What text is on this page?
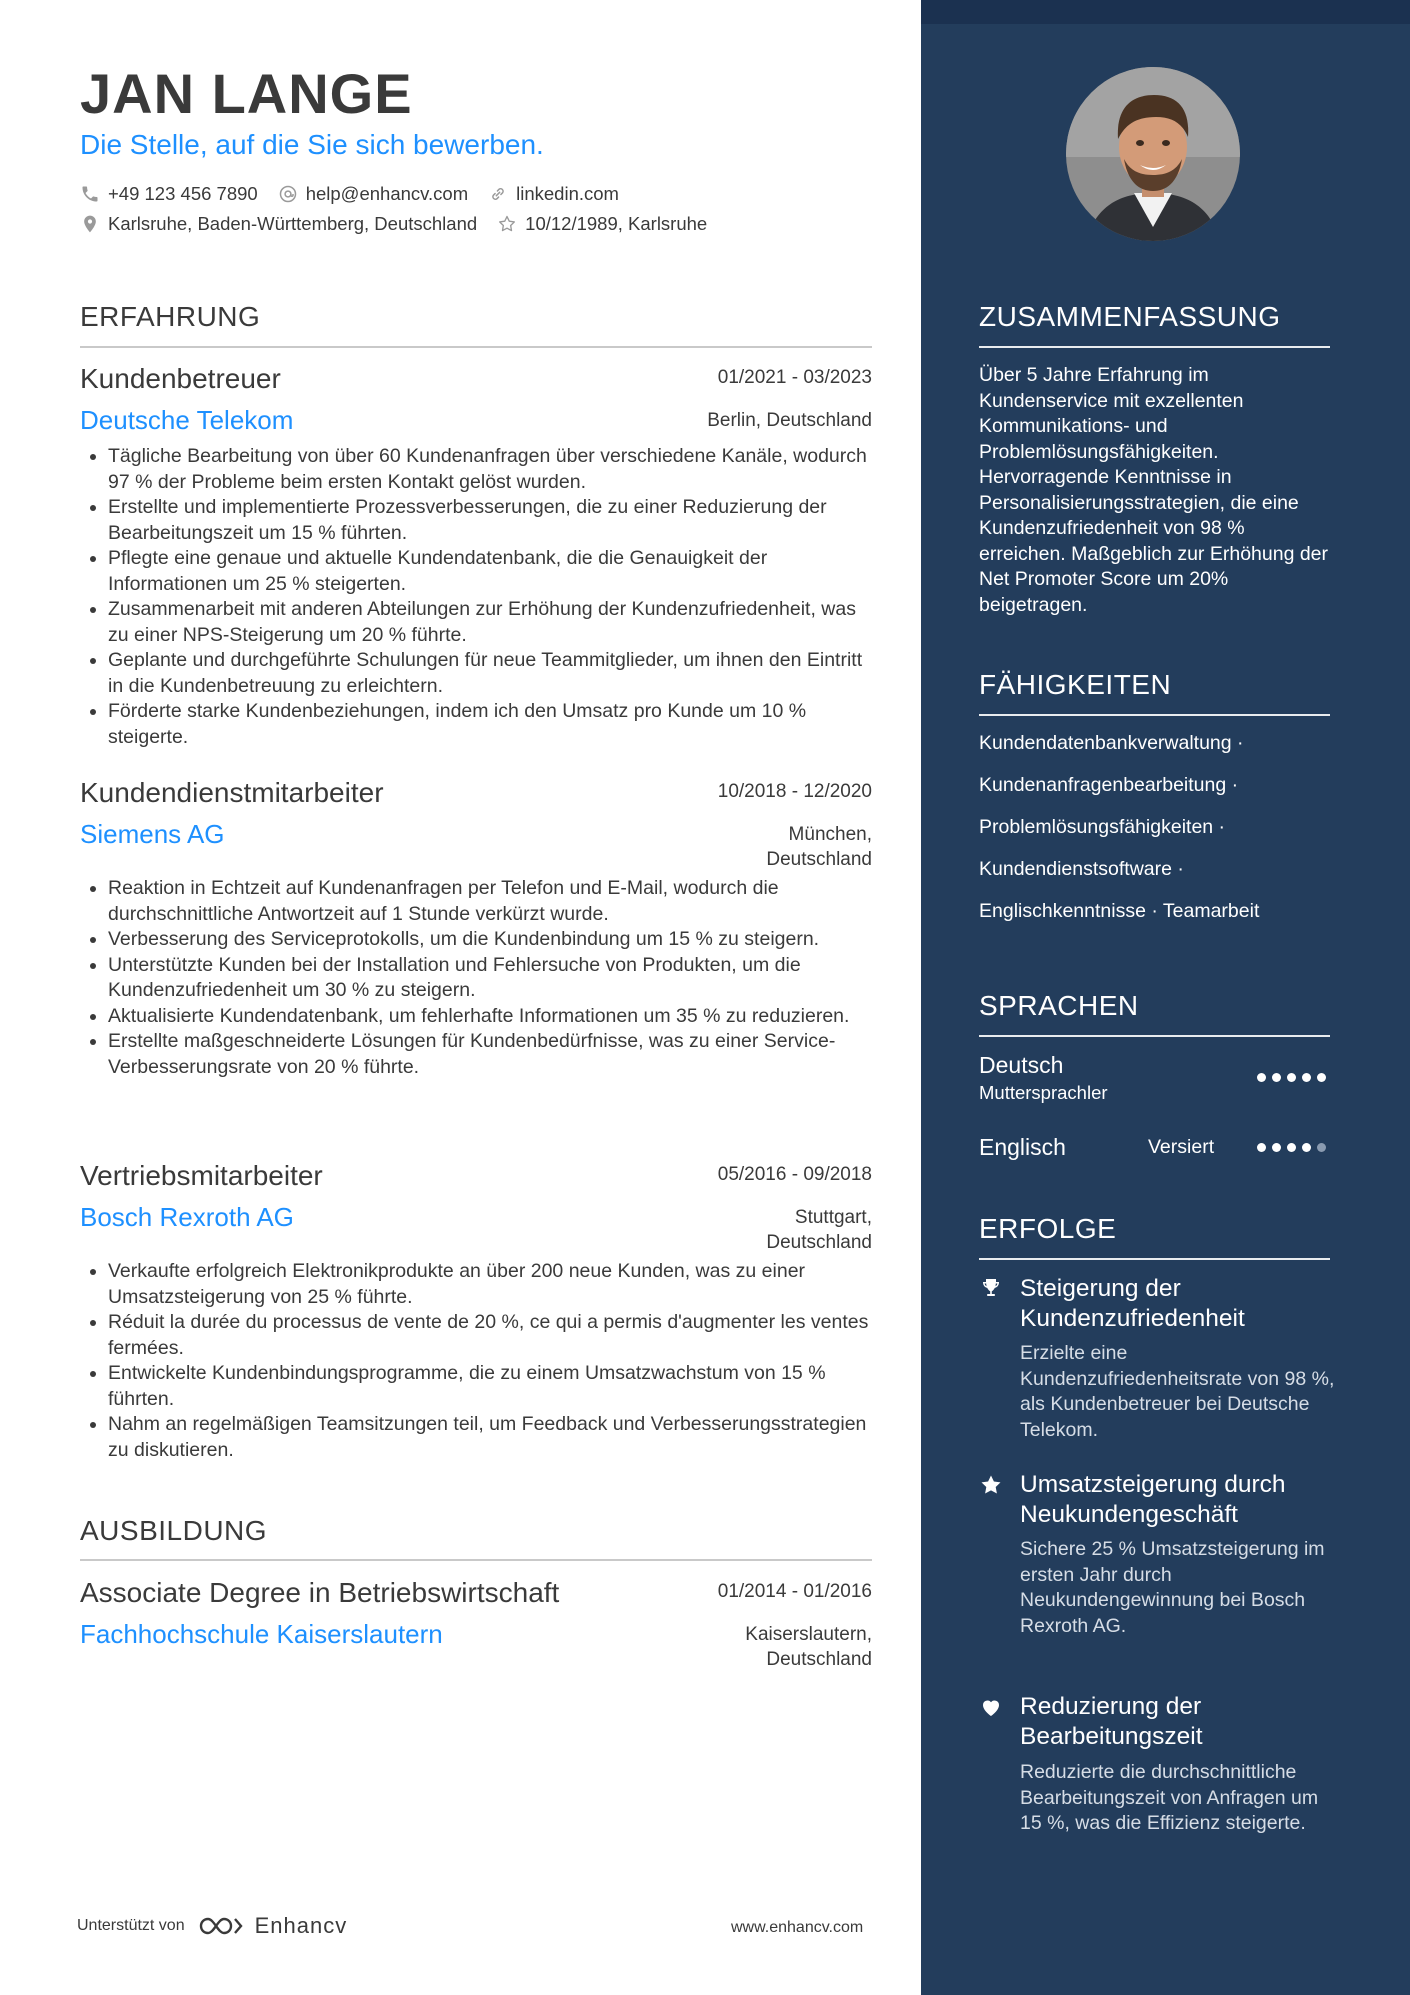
JAN LANGE
Die Stelle, auf die Sie sich bewerben.
+49 123 456 7890	help@enhancv.com	linkedin.com
Karlsruhe, Baden-Württemberg, Deutschland	10/12/1989, Karlsruhe
ERFAHRUNG
Kundenbetreuer	01/2021 - 03/2023
Deutsche Telekom	Berlin, Deutschland
• Tägliche Bearbeitung von über 60 Kundenanfragen über verschiedene Kanäle, wodurch 97 % der Probleme beim ersten Kontakt gelöst wurden.
• Erstellte und implementierte Prozessverbesserungen, die zu einer Reduzierung der Bearbeitungszeit um 15 % führten.
• Pflegte eine genaue und aktuelle Kundendatenbank, die die Genauigkeit der Informationen um 25 % steigerten.
• Zusammenarbeit mit anderen Abteilungen zur Erhöhung der Kundenzufriedenheit, was zu einer NPS-Steigerung um 20 % führte.
• Geplante und durchgeführte Schulungen für neue Teammitglieder, um ihnen den Eintritt in die Kundenbetreuung zu erleichtern.
• Förderte starke Kundenbeziehungen, indem ich den Umsatz pro Kunde um 10 % steigerte.
Kundendienstmitarbeiter	10/2018 - 12/2020
Siemens AG	München, Deutschland
• Reaktion in Echtzeit auf Kundenanfragen per Telefon und E-Mail, wodurch die durchschnittliche Antwortzeit auf 1 Stunde verkürzt wurde.
• Verbesserung des Serviceprotokolls, um die Kundenbindung um 15 % zu steigern.
• Unterstützte Kunden bei der Installation und Fehlersuche von Produkten, um die Kundenzufriedenheit um 30 % zu steigern.
• Aktualisierte Kundendatenbank, um fehlerhafte Informationen um 35 % zu reduzieren.
• Erstellte maßgeschneiderte Lösungen für Kundenbedürfnisse, was zu einer Service-Verbesserungsrate von 20 % führte.
Vertriebsmitarbeiter	05/2016 - 09/2018
Bosch Rexroth AG	Stuttgart, Deutschland
• Verkaufte erfolgreich Elektronikprodukte an über 200 neue Kunden, was zu einer Umsatzsteigerung von 25 % führte.
• Réduit la durée du processus de vente de 20 %, ce qui a permis d'augmenter les ventes fermées.
• Entwickelte Kundenbindungsprogramme, die zu einem Umsatzwachstum von 15 % führten.
• Nahm an regelmäßigen Teamsitzungen teil, um Feedback und Verbesserungsstrategien zu diskutieren.
AUSBILDUNG
Associate Degree in Betriebswirtschaft	01/2014 - 01/2016
Fachhochschule Kaiserslautern	Kaiserslautern, Deutschland
Unterstützt von	Enhancv	www.enhancv.com
ZUSAMMENFASSUNG
Über 5 Jahre Erfahrung im Kundenservice mit exzellenten Kommunikations- und Problemlösungsfähigkeiten. Hervorragende Kenntnisse in Personalisierungsstrategien, die eine Kundenzufriedenheit von 98 % erreichen. Maßgeblich zur Erhöhung der Net Promoter Score um 20% beigetragen.
FÄHIGKEITEN
Kundendatenbankverwaltung ·
Kundenanfragenbearbeitung ·
Problemlösungsfähigkeiten ·
Kundendienstsoftware ·
Englischkenntnisse · Teamarbeit
SPRACHEN
Deutsch
Muttersprachler
Englisch	Versiert
ERFOLGE
Steigerung der Kundenzufriedenheit
Erzielte eine Kundenzufriedenheitsrate von 98 %, als Kundenbetreuer bei Deutsche Telekom.
Umsatzsteigerung durch Neukundengeschäft
Sichere 25 % Umsatzsteigerung im ersten Jahr durch Neukundengewinnung bei Bosch Rexroth AG.
Reduzierung der Bearbeitungszeit
Reduzierte die durchschnittliche Bearbeitungszeit von Anfragen um 15 %, was die Effizienz steigerte.
